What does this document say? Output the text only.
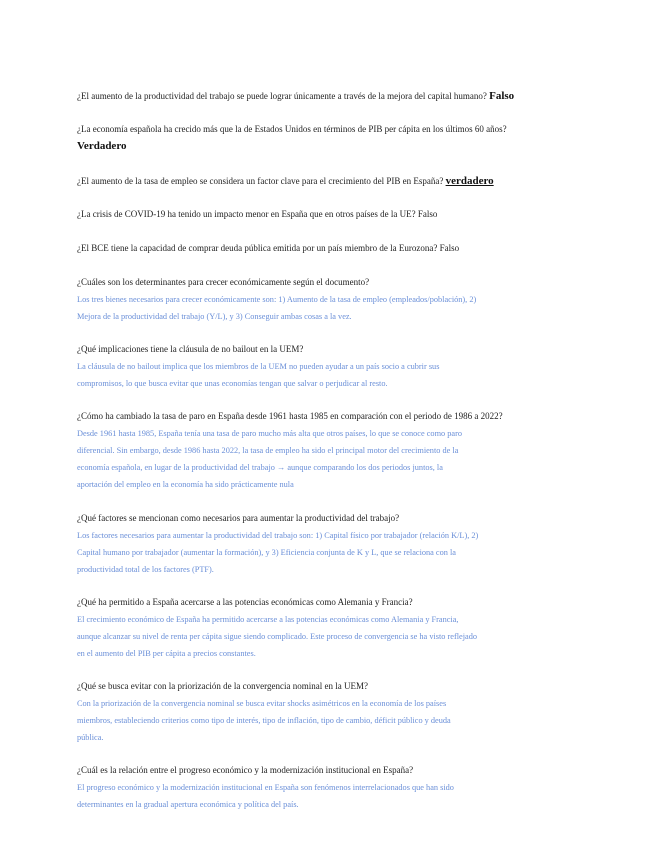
¿El aumento de la productividad del trabajo se puede lograr únicamente a través de la mejora del capital humano? Falso
¿La economía española ha crecido más que la de Estados Unidos en términos de PIB per cápita en los últimos 60 años?
Verdadero
¿El aumento de la tasa de empleo se considera un factor clave para el crecimiento del PIB en España? verdadero
¿La crisis de COVID-19 ha tenido un impacto menor en España que en otros países de la UE? Falso
¿El BCE tiene la capacidad de comprar deuda pública emitida por un país miembro de la Eurozona? Falso
¿Cuáles son los determinantes para crecer económicamente según el documento?
Los tres bienes necesarios para crecer económicamente son: 1) Aumento de la tasa de empleo (empleados/población), 2)
Mejora de la productividad del trabajo (Y/L), y 3) Conseguir ambas cosas a la vez.
¿Qué implicaciones tiene la cláusula de no bailout en la UEM?
La cláusula de no bailout implica que los miembros de la UEM no pueden ayudar a un país socio a cubrir sus
compromisos, lo que busca evitar que unas economías tengan que salvar o perjudicar al resto.
¿Cómo ha cambiado la tasa de paro en España desde 1961 hasta 1985 en comparación con el periodo de 1986 a 2022?
Desde 1961 hasta 1985, España tenía una tasa de paro mucho más alta que otros países, lo que se conoce como paro
diferencial. Sin embargo, desde 1986 hasta 2022, la tasa de empleo ha sido el principal motor del crecimiento de la
economía española, en lugar de la productividad del trabajo → aunque comparando los dos periodos juntos, la
aportación del empleo en la economía ha sido prácticamente nula
¿Qué factores se mencionan como necesarios para aumentar la productividad del trabajo?
Los factores necesarios para aumentar la productividad del trabajo son: 1) Capital físico por trabajador (relación K/L), 2)
Capital humano por trabajador (aumentar la formación), y 3) Eficiencia conjunta de K y L, que se relaciona con la
productividad total de los factores (PTF).
¿Qué ha permitido a España acercarse a las potencias económicas como Alemania y Francia?
El crecimiento económico de España ha permitido acercarse a las potencias económicas como Alemania y Francia,
aunque alcanzar su nivel de renta per cápita sigue siendo complicado. Este proceso de convergencia se ha visto reflejado
en el aumento del PIB per cápita a precios constantes.
¿Qué se busca evitar con la priorización de la convergencia nominal en la UEM?
Con la priorización de la convergencia nominal se busca evitar shocks asimétricos en la economía de los países
miembros, estableciendo criterios como tipo de interés, tipo de inflación, tipo de cambio, déficit público y deuda
pública.
¿Cuál es la relación entre el progreso económico y la modernización institucional en España?
El progreso económico y la modernización institucional en España son fenómenos interrelacionados que han sido
determinantes en la gradual apertura económica y política del país.
